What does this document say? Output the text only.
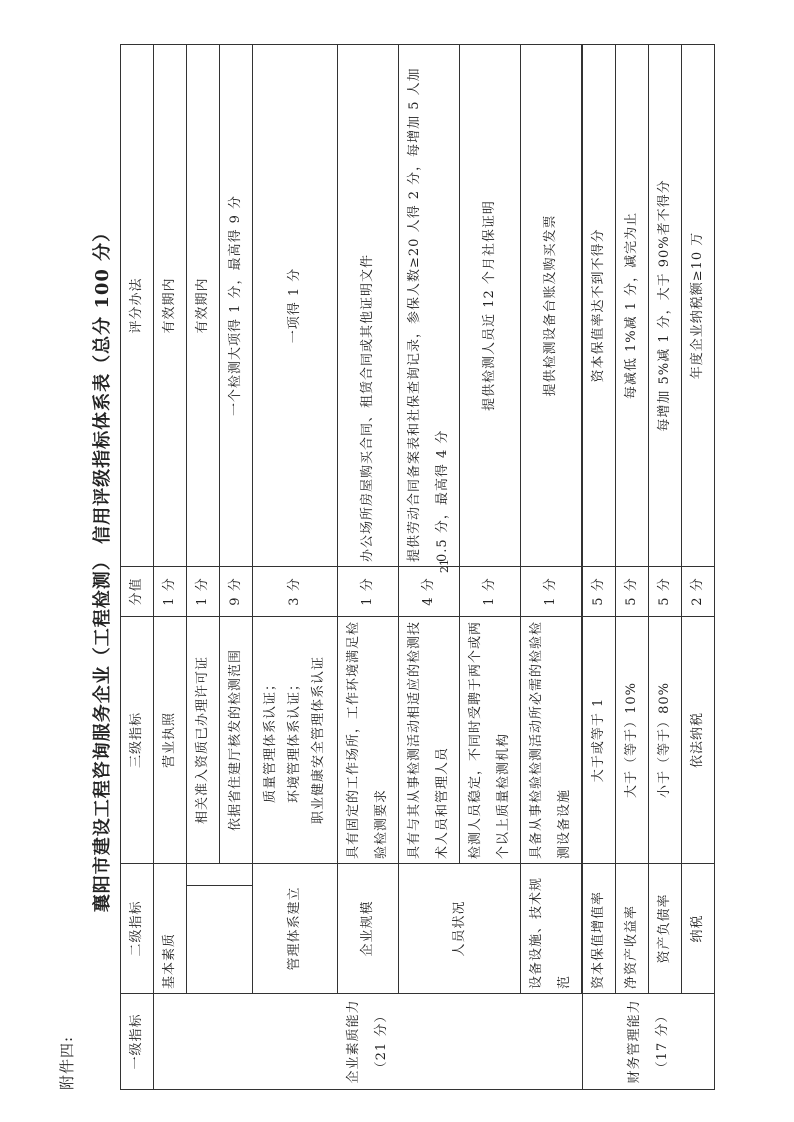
附件四:
21
襄阳市建设工程咨询服务企业（工程检测） 信用评级指标体系表（总分 100 分）
一级指标	二级指标		三级指标	分值	评分办法
企业素质能力 （21 分）	基本素质		营业执照	1 分	有效期内
			相关准入资质已办理许可证	1 分	有效期内
			依据省住建厅核发的检测范围	9 分	一个检测大项得 1 分，最高得 9 分
	管理体系建立		质量管理体系认证； 环境管理体系认证； 职业健康安全管理体系认证	3 分	一项得 1 分
	企业规模		具有固定的工作场所，工作环境满足检验检测要求	1 分	办公场所房屋购买合同、租赁合同或其他证明文件
	人员状况		具有与其从事检测活动相适应的检测技术人员和管理人员	4 分	提供劳动合同备案表和社保查询记录，参保人数≥20 人得 2 分，每增加 5 人加 0.5 分，最高得 4 分
			检测人员稳定，不同时受聘于两个或两个以上质量检测机构	1 分	提供检测人员近 12 个月社保证明
	设备设施、技术规范		具备从事检验检测活动所必需的检验检测设备设施	1 分	提供检测设备台账及购买发票

财务管理能力 （17 分）	资本保值增值率		大于或等于 1	5 分	资本保值率达不到不得分
	净资产收益率		大于（等于）10%	5 分	每减低 1%减 1 分，减完为止
	资产负债率		小于（等于）80%	5 分	每增加 5%减 1 分，大于 90%者不得分
	纳税		依法纳税	2 分	年度企业纳税额≥10 万
